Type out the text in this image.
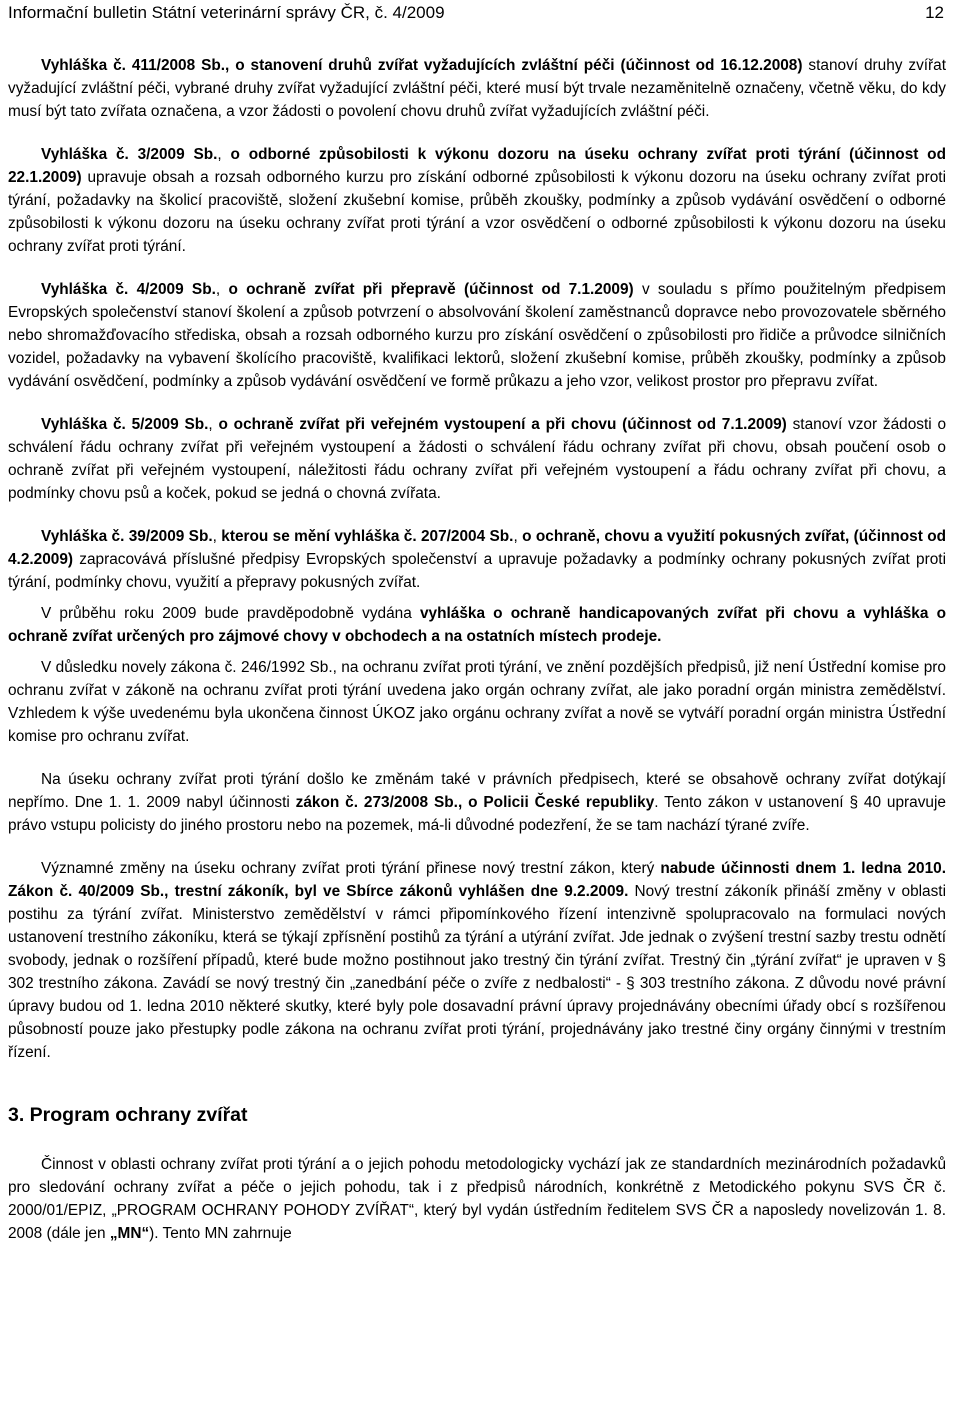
Informační bulletin Státní veterinární správy ČR, č. 4/2009	12

Vyhláška č. 411/2008 Sb., o stanovení druhů zvířat vyžadujících zvláštní péči (účinnost od 16.12.2008) stanoví druhy zvířat vyžadující zvláštní péči, vybrané druhy zvířat vyžadující zvláštní péči, které musí být trvale nezaměnitelně označeny, včetně věku, do kdy musí být tato zvířata označena, a vzor žádosti o povolení chovu druhů zvířat vyžadujících zvláštní péči.

Vyhláška č. 3/2009 Sb., o odborné způsobilosti k výkonu dozoru na úseku ochrany zvířat proti týrání (účinnost od 22.1.2009) upravuje obsah a rozsah odborného kurzu pro získání odborné způsobilosti k výkonu dozoru na úseku ochrany zvířat proti týrání, požadavky na školicí pracoviště, složení zkušební komise, průběh zkoušky, podmínky a způsob vydávání osvědčení o odborné způsobilosti k výkonu dozoru na úseku ochrany zvířat proti týrání a vzor osvědčení o odborné způsobilosti k výkonu dozoru na úseku ochrany zvířat proti týrání.

Vyhláška č. 4/2009 Sb., o ochraně zvířat při přepravě (účinnost od 7.1.2009) v souladu s přímo použitelným předpisem Evropských společenství stanoví školení a způsob potvrzení o absolvování školení zaměstnanců dopravce nebo provozovatele sběrného nebo shromažďovacího střediska, obsah a rozsah odborného kurzu pro získání osvědčení o způsobilosti pro řidiče a průvodce silničních vozidel, požadavky na vybavení školícího pracoviště, kvalifikaci lektorů, složení zkušební komise, průběh zkoušky, podmínky a způsob vydávání osvědčení, podmínky a způsob vydávání osvědčení ve formě průkazu a jeho vzor, velikost prostor pro přepravu zvířat.

Vyhláška č. 5/2009 Sb., o ochraně zvířat při veřejném vystoupení a při chovu (účinnost od 7.1.2009) stanoví vzor žádosti o schválení řádu ochrany zvířat při veřejném vystoupení a žádosti o schválení řádu ochrany zvířat při chovu, obsah poučení osob o ochraně zvířat při veřejném vystoupení, náležitosti řádu ochrany zvířat při veřejném vystoupení a řádu ochrany zvířat při chovu, a podmínky chovu psů a koček, pokud se jedná o chovná zvířata.

Vyhláška č. 39/2009 Sb., kterou se mění vyhláška č. 207/2004 Sb., o ochraně, chovu a využití pokusných zvířat, (účinnost od 4.2.2009) zapracovává příslušné předpisy Evropských společenství a upravuje požadavky a podmínky ochrany pokusných zvířat proti týrání, podmínky chovu, využití a přepravy pokusných zvířat.

V průběhu roku 2009 bude pravděpodobně vydána vyhláška o ochraně handicapovaných zvířat při chovu a vyhláška o ochraně zvířat určených pro zájmové chovy v obchodech a na ostatních místech prodeje.

V důsledku novely zákona č. 246/1992 Sb., na ochranu zvířat proti týrání, ve znění pozdějších předpisů, již není Ústřední komise pro ochranu zvířat v zákoně na ochranu zvířat proti týrání uvedena jako orgán ochrany zvířat, ale jako poradní orgán ministra zemědělství. Vzhledem k výše uvedenému byla ukončena činnost ÚKOZ jako orgánu ochrany zvířat a nově se vytváří poradní orgán ministra Ústřední komise pro ochranu zvířat.

Na úseku ochrany zvířat proti týrání došlo ke změnám také v právních předpisech, které se obsahově ochrany zvířat dotýkají nepřímo. Dne 1. 1. 2009 nabyl účinnosti zákon č. 273/2008 Sb., o Policii České republiky. Tento zákon v ustanovení § 40 upravuje právo vstupu policisty do jiného prostoru nebo na pozemek, má-li důvodné podezření, že se tam nachází týrané zvíře.

Významné změny na úseku ochrany zvířat proti týrání přinese nový trestní zákon, který nabude účinnosti dnem 1. ledna 2010. Zákon č. 40/2009 Sb., trestní zákoník, byl ve Sbírce zákonů vyhlášen dne 9.2.2009. Nový trestní zákoník přináší změny v oblasti postihu za týrání zvířat. Ministerstvo zemědělství v rámci připomínkového řízení intenzivně spolupracovalo na formulaci nových ustanovení trestního zákoníku, která se týkají zpřísnění postihů za týrání a utýrání zvířat. Jde jednak o zvýšení trestní sazby trestu odnětí svobody, jednak o rozšíření případů, které bude možno postihnout jako trestný čin týrání zvířat. Trestný čin „týrání zvířat“ je upraven v § 302 trestního zákona. Zavádí se nový trestný čin „zanedbání péče o zvíře z nedbalosti“ - § 303 trestního zákona. Z důvodu nové právní úpravy budou od 1. ledna 2010 některé skutky, které byly pole dosavadní právní úpravy projednávány obecními úřady obcí s rozšířenou působností pouze jako přestupky podle zákona na ochranu zvířat proti týrání, projednávány jako trestné činy orgány činnými v trestním řízení.

3. Program ochrany zvířat

Činnost v oblasti ochrany zvířat proti týrání a o jejich pohodu metodologicky vychází jak ze standardních mezinárodních požadavků pro sledování ochrany zvířat a péče o jejich pohodu, tak i z předpisů národních, konkrétně z Metodického pokynu SVS ČR č. 2000/01/EPIZ, „PROGRAM OCHRANY POHODY ZVÍŘAT“, který byl vydán ústředním ředitelem SVS ČR a naposledy novelizován 1. 8. 2008 (dále jen „MN“). Tento MN zahrnuje
